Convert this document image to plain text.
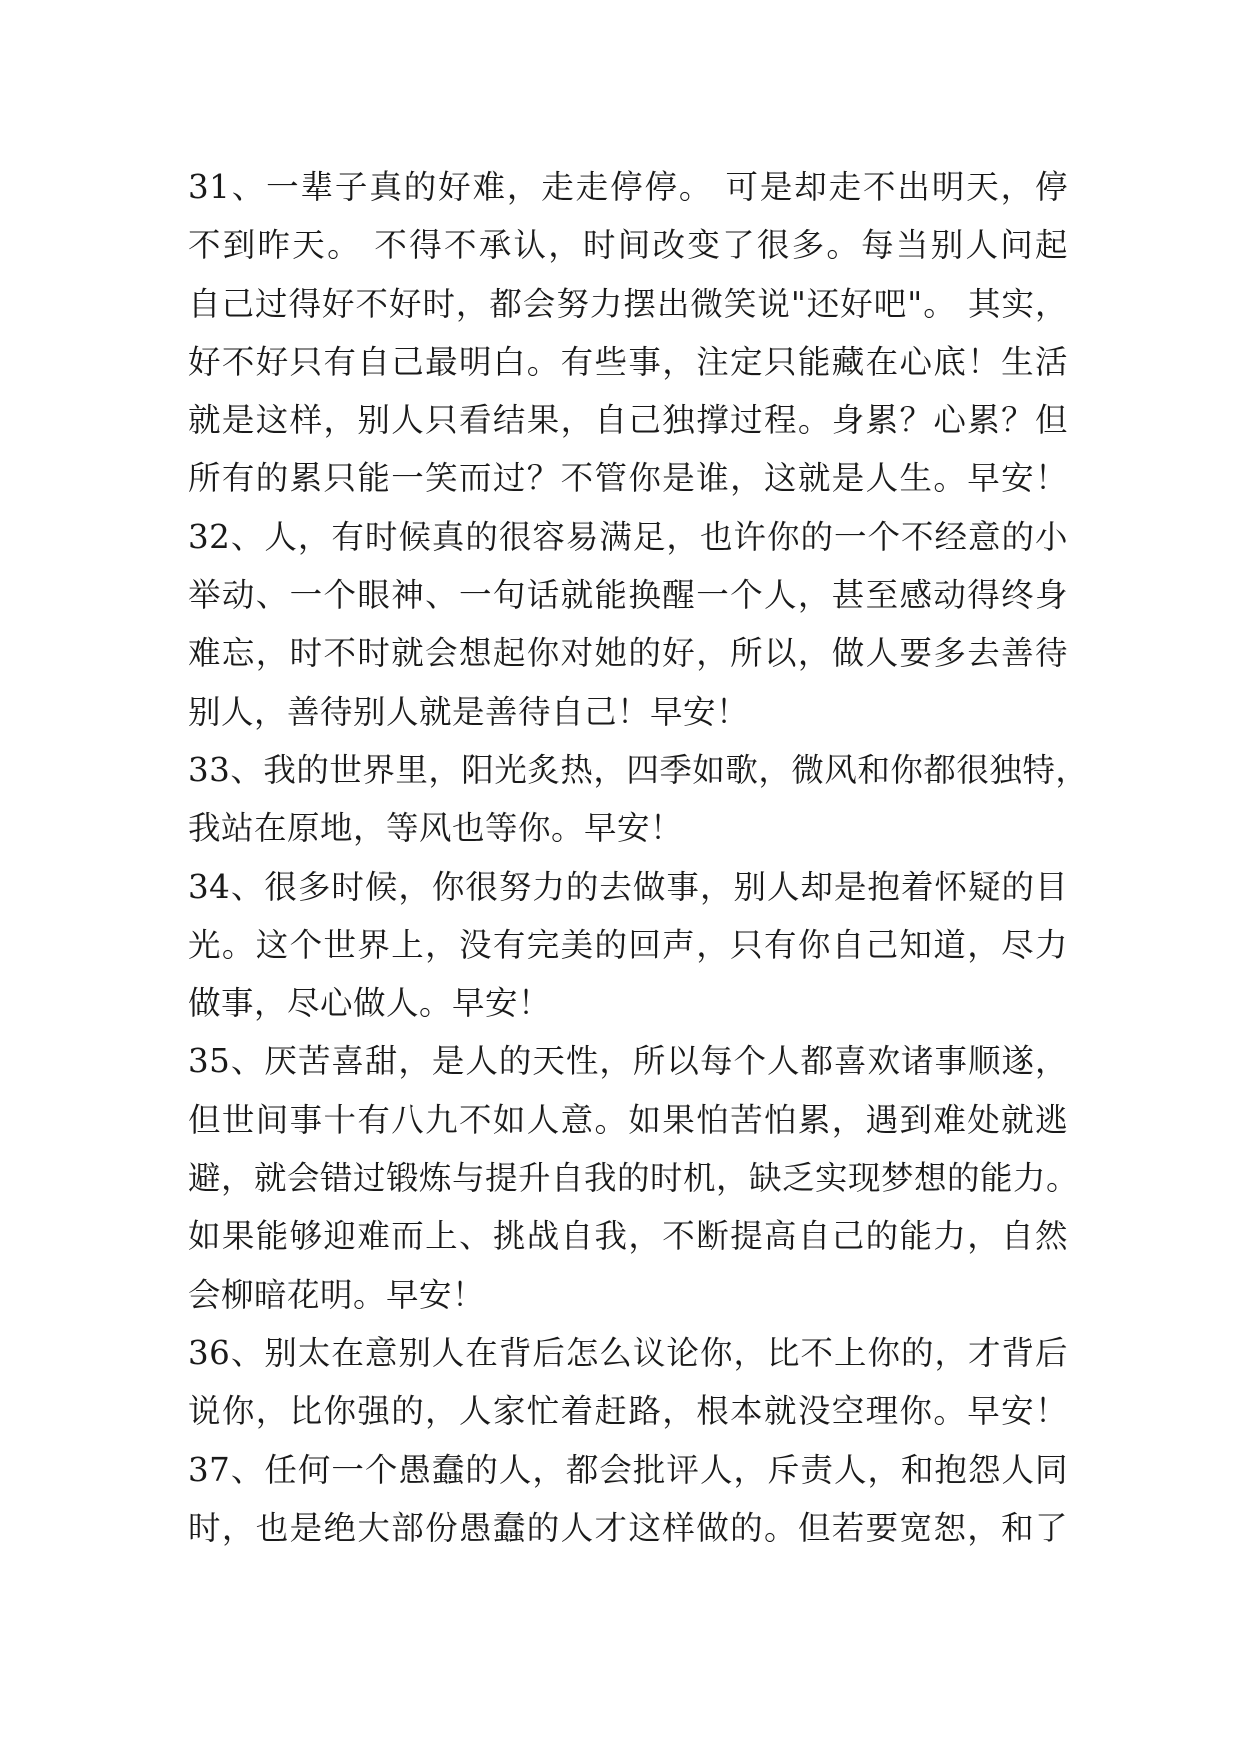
31、一辈子真的好难，走走停停。 可是却走不出明天，停
不到昨天。 不得不承认，时间改变了很多。每当别人问起
自己过得好不好时，都会努力摆出微笑说"还好吧"。 其实，
好不好只有自己最明白。有些事，注定只能藏在心底！生活
就是这样，别人只看结果，自己独撑过程。身累？心累？但
所有的累只能一笑而过？不管你是谁，这就是人生。早安！
32、人，有时候真的很容易满足，也许你的一个不经意的小
举动、一个眼神、一句话就能换醒一个人，甚至感动得终身
难忘，时不时就会想起你对她的好，所以，做人要多去善待
别人，善待别人就是善待自己！早安！
33、我的世界里，阳光炙热，四季如歌，微风和你都很独特，
我站在原地，等风也等你。早安！
34、很多时候，你很努力的去做事，别人却是抱着怀疑的目
光。这个世界上，没有完美的回声，只有你自己知道，尽力
做事，尽心做人。早安！
35、厌苦喜甜，是人的天性，所以每个人都喜欢诸事顺遂，
但世间事十有八九不如人意。如果怕苦怕累，遇到难处就逃
避，就会错过锻炼与提升自我的时机，缺乏实现梦想的能力。
如果能够迎难而上、挑战自我，不断提高自己的能力，自然
会柳暗花明。早安！
36、别太在意别人在背后怎么议论你，比不上你的，才背后
说你，比你强的，人家忙着赶路，根本就没空理你。早安！
37、任何一个愚蠢的人，都会批评人，斥责人，和抱怨人同
时，也是绝大部份愚蠢的人才这样做的。但若要宽恕，和了
